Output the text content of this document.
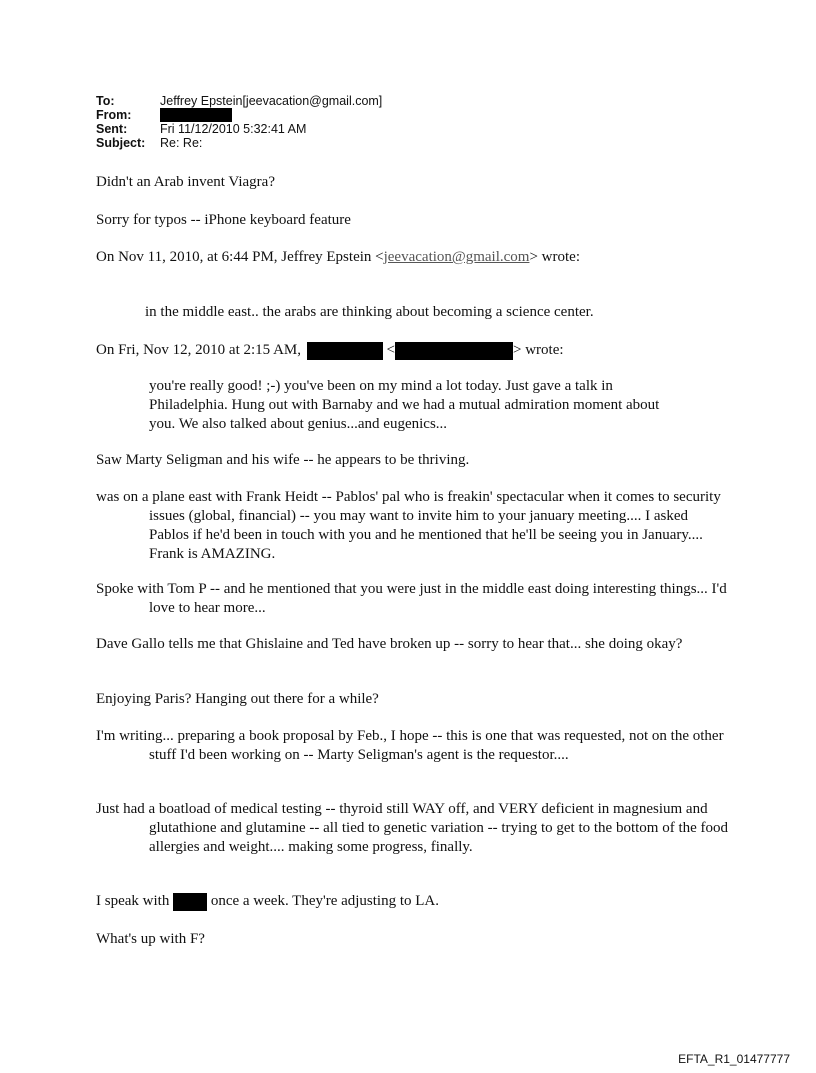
To:	Jeffrey Epstein[jeevacation@gmail.com]
From:
Sent:	Fri 11/12/2010 5:32:41 AM
Subject:	Re: Re:
Didn't an Arab invent Viagra?
Sorry for typos -- iPhone keyboard feature
On Nov 11, 2010, at 6:44 PM, Jeffrey Epstein <jeevacation@gmail.com> wrote:
in the middle east.. the arabs are thinking about becoming a science center.
On Fri, Nov 12, 2010 at 2:15 AM,	<	> wrote:
you're really good! ;-) you've been on my mind a lot today. Just gave a talk in Philadelphia. Hung out with Barnaby and we had a mutual admiration moment about you. We also talked about genius...and eugenics...
Saw Marty Seligman and his wife -- he appears to be thriving.
was on a plane east with Frank Heidt -- Pablos' pal who is freakin' spectacular when it comes to security issues (global, financial) -- you may want to invite him to your january meeting.... I asked Pablos if he'd been in touch with you and he mentioned that he'll be seeing you in January.... Frank is AMAZING.
Spoke with Tom P -- and he mentioned that you were just in the middle east doing interesting things... I'd love to hear more...
Dave Gallo tells me that Ghislaine and Ted have broken up -- sorry to hear that... she doing okay?
Enjoying Paris? Hanging out there for a while?
I'm writing... preparing a book proposal by Feb., I hope -- this is one that was requested, not on the other stuff I'd been working on -- Marty Seligman's agent is the requestor....
Just had a boatload of medical testing -- thyroid still WAY off, and VERY deficient in magnesium and glutathione and glutamine -- all tied to genetic variation -- trying to get to the bottom of the food allergies and weight.... making some progress, finally.
I speak with	once a week. They're adjusting to LA.
What's up with F?
EFTA_R1_01477777
